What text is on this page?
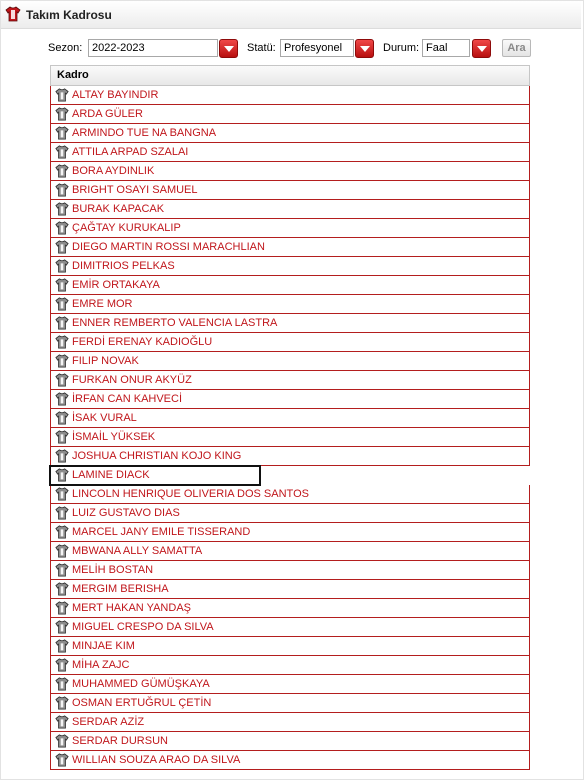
Takım Kadrosu
Sezon: 2022-2023	Statü: Profesyonel	Durum: Faal	Ara
Kadro
ALTAY BAYINDIR
ARDA GÜLER
ARMINDO TUE NA BANGNA
ATTILA ARPAD SZALAI
BORA AYDINLIK
BRIGHT OSAYI SAMUEL
BURAK KAPACAK
ÇAĞTAY KURUKALIP
DIEGO MARTIN ROSSI MARACHLIAN
DIMITRIOS PELKAS
EMİR ORTAKAYA
EMRE MOR
ENNER REMBERTO VALENCIA LASTRA
FERDİ ERENAY KADIOĞLU
FILIP NOVAK
FURKAN ONUR AKYÜZ
İRFAN CAN KAHVECİ
İSAK VURAL
İSMAİL YÜKSEK
JOSHUA CHRISTIAN KOJO KING
LAMINE DIACK
LINCOLN HENRIQUE OLIVERIA DOS SANTOS
LUIZ GUSTAVO DIAS
MARCEL JANY EMILE TISSERAND
MBWANA ALLY SAMATTA
MELİH BOSTAN
MERGIM BERISHA
MERT HAKAN YANDAŞ
MIGUEL CRESPO DA SILVA
MINJAE KIM
MİHA ZAJC
MUHAMMED GÜMÜŞKAYA
OSMAN ERTUĞRUL ÇETİN
SERDAR AZİZ
SERDAR DURSUN
WILLIAN SOUZA ARAO DA SILVA
